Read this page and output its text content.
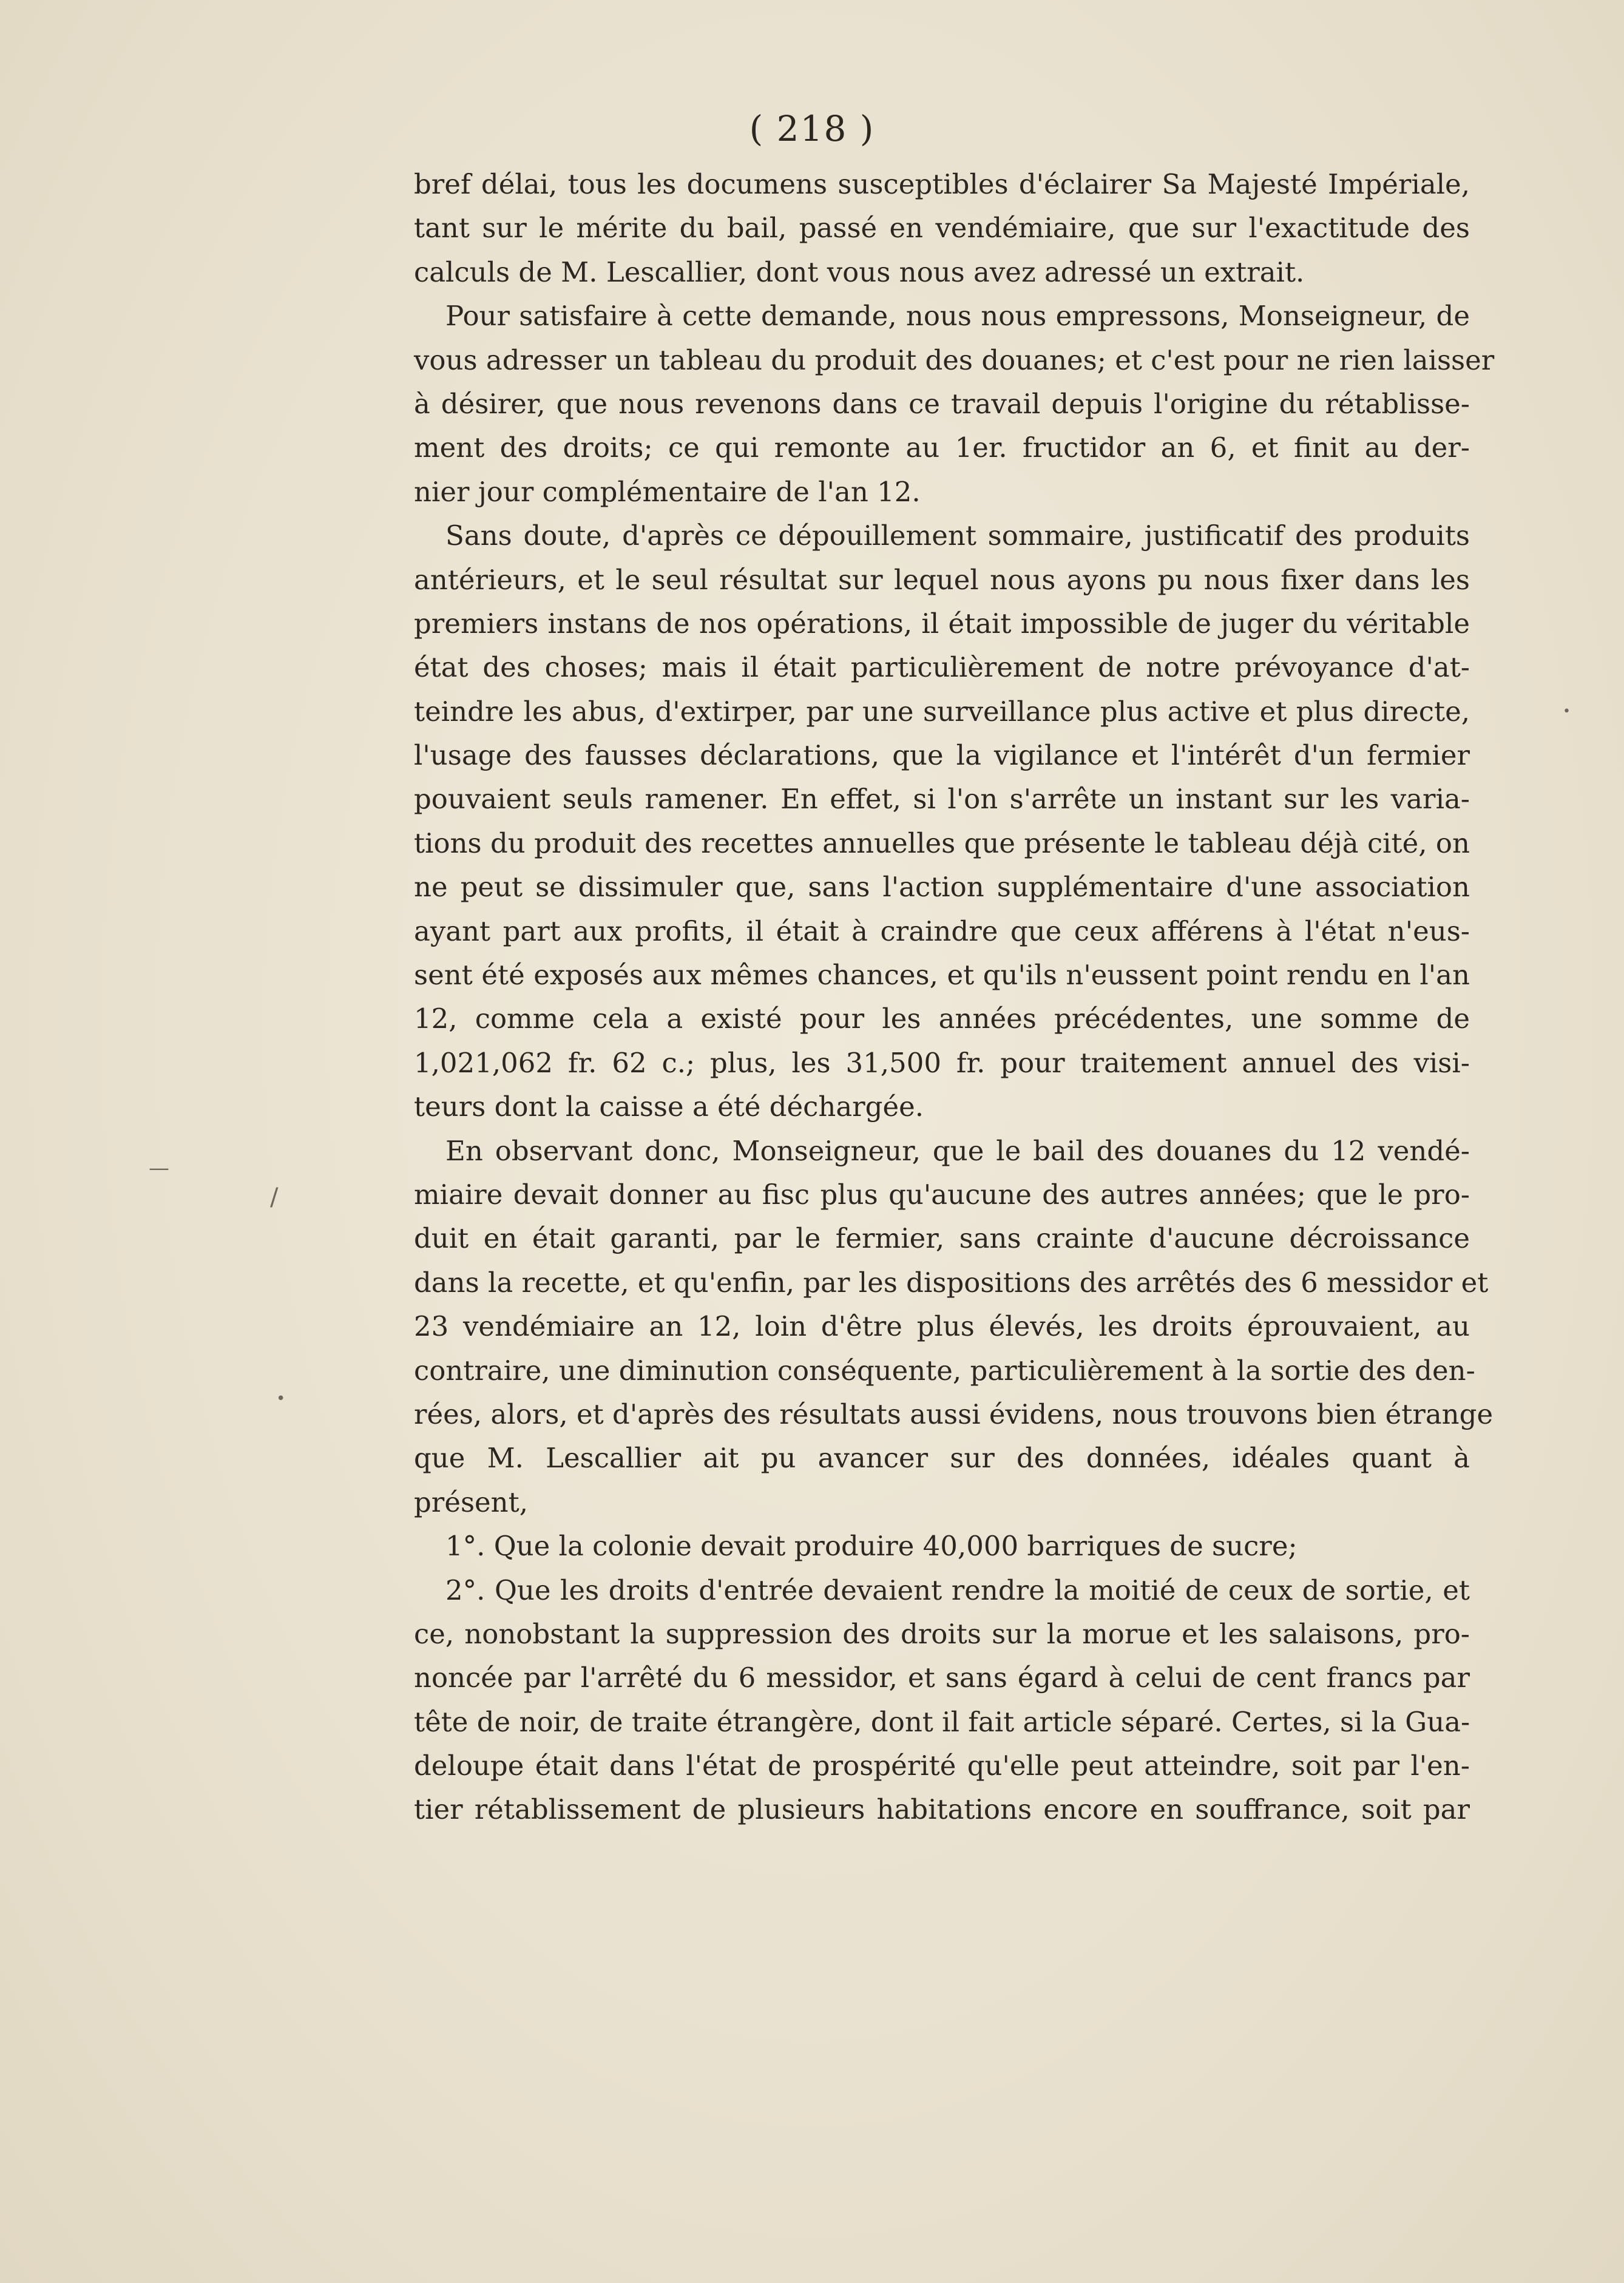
( 218 )
bref délai, tous les documens susceptibles d'éclairer Sa Majesté Impériale,
tant sur le mérite du bail, passé en vendémiaire, que sur l'exactitude des
calculs de M. Lescallier, dont vous nous avez adressé un extrait.
Pour satisfaire à cette demande, nous nous empressons, Monseigneur, de
vous adresser un tableau du produit des douanes; et c'est pour ne rien laisser
à désirer, que nous revenons dans ce travail depuis l'origine du rétablisse-
ment des droits; ce qui remonte au 1er. fructidor an 6, et finit au der-
nier jour complémentaire de l'an 12.
Sans doute, d'après ce dépouillement sommaire, justificatif des produits
antérieurs, et le seul résultat sur lequel nous ayons pu nous fixer dans les
premiers instans de nos opérations, il était impossible de juger du véritable
état des choses; mais il était particulièrement de notre prévoyance d'at-
teindre les abus, d'extirper, par une surveillance plus active et plus directe,
l'usage des fausses déclarations, que la vigilance et l'intérêt d'un fermier
pouvaient seuls ramener. En effet, si l'on s'arrête un instant sur les varia-
tions du produit des recettes annuelles que présente le tableau déjà cité, on
ne peut se dissimuler que, sans l'action supplémentaire d'une association
ayant part aux profits, il était à craindre que ceux afférens à l'état n'eus-
sent été exposés aux mêmes chances, et qu'ils n'eussent point rendu en l'an
12, comme cela a existé pour les années précédentes, une somme de
1,021,062 fr. 62 c.; plus, les 31,500 fr. pour traitement annuel des visi-
teurs dont la caisse a été déchargée.
En observant donc, Monseigneur, que le bail des douanes du 12 vendé-
miaire devait donner au fisc plus qu'aucune des autres années; que le pro-
duit en était garanti, par le fermier, sans crainte d'aucune décroissance
dans la recette, et qu'enfin, par les dispositions des arrêtés des 6 messidor et
23 vendémiaire an 12, loin d'être plus élevés, les droits éprouvaient, au
contraire, une diminution conséquente, particulièrement à la sortie des den-
rées, alors, et d'après des résultats aussi évidens, nous trouvons bien étrange
que M. Lescallier ait pu avancer sur des données, idéales quant à
présent,
1°. Que la colonie devait produire 40,000 barriques de sucre;
2°. Que les droits d'entrée devaient rendre la moitié de ceux de sortie, et
ce, nonobstant la suppression des droits sur la morue et les salaisons, pro-
noncée par l'arrêté du 6 messidor, et sans égard à celui de cent francs par
tête de noir, de traite étrangère, dont il fait article séparé. Certes, si la Gua-
deloupe était dans l'état de prospérité qu'elle peut atteindre, soit par l'en-
tier rétablissement de plusieurs habitations encore en souffrance, soit par
—
/
•
•
